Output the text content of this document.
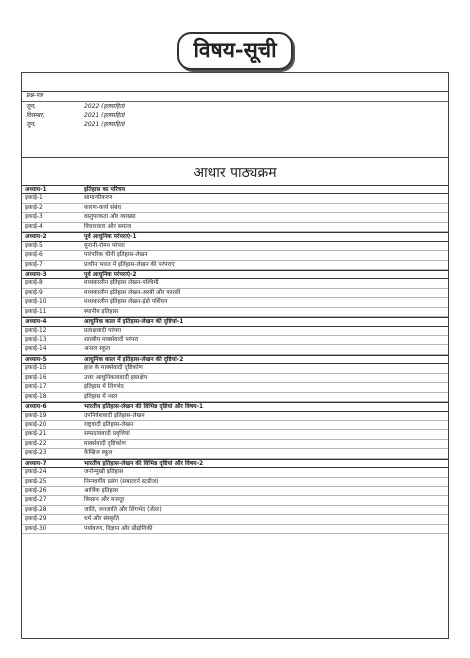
विषय-सूची
प्रश्न-पत्र
जून,	2022 (हलसहित)
दिसम्बर,	2021 (हलसहित)
जून,	2021 (हलसहित)
आधार पाठ्यक्रम
अध्याय-1	इतिहास का परिचय
इकाई-1	सामान्यीकरण
इकाई-2	कारण-कार्य संबंध
इकाई-3	वस्तुपरकता और व्याख्या
इकाई-4	विचारधारा और समाज
अध्याय-2	पूर्व आधुनिक परंपराएं-1
इकाई-5	यूनानी-रोमन परंपरा
इकाई-6	पारंपरिक चीनी इतिहास-लेखन
इकाई-7	प्राचीन भारत में इतिहास-लेखन की परंपराएं
अध्याय-3	पूर्व आधुनिक परंपराएं-2
इकाई-8	मध्यकालीन इतिहास लेखन-पश्चिमी
इकाई-9	मध्यकालीन इतिहास लेखन-अरबी और फारसी
इकाई-10	मध्यकालीन इतिहास लेखन-इंडो पर्शियन
इकाई-11	स्थानीय इतिहास
अध्याय-4	आधुनिक काल में इतिहास-लेखन की दृष्टियां-1
इकाई-12	प्रत्यक्षवादी परंपरा
इकाई-13	शास्त्रीय मार्क्सवादी परंपरा
इकाई-14	अनाल स्कूल
अध्याय-5	आधुनिक काल में इतिहास-लेखन की दृष्टियां-2
इकाई-15	हाल के मार्क्सवादी दृष्टिकोण
इकाई-16	उत्तर आधुनिकतावादी हस्तक्षेप
इकाई-17	इतिहास में लिंगभेद
इकाई-18	इतिहास में नस्ल
अध्याय-6	भारतीय इतिहास-लेखन की विभिन्न दृष्टियां और विषय-1
इकाई-19	उपनिवेशवादी इतिहास-लेखन
इकाई-20	राष्ट्रवादी इतिहास-लेखन
इकाई-21	सम्प्रदायवादी प्रवृत्तियां
इकाई-22	मार्क्सवादी दृष्टिकोण
इकाई-23	कैम्ब्रिज स्कूल
अध्याय-7	भारतीय इतिहास-लेखन की विभिन्न दृष्टियां और विषय-2
इकाई-24	जनोन्मुखी इतिहास
इकाई-25	निम्नवर्गीय प्रसंग (सबाल्टर्न स्टडीज)
इकाई-26	आर्थिक इतिहास
इकाई-27	किसान और मजदूर
इकाई-28	जाति, जनजाति और लिंगभेद (जेंडर)
इकाई-29	धर्म और संस्कृति
इकाई-30	पर्यावरण, विज्ञान और प्रौद्योगिकी
